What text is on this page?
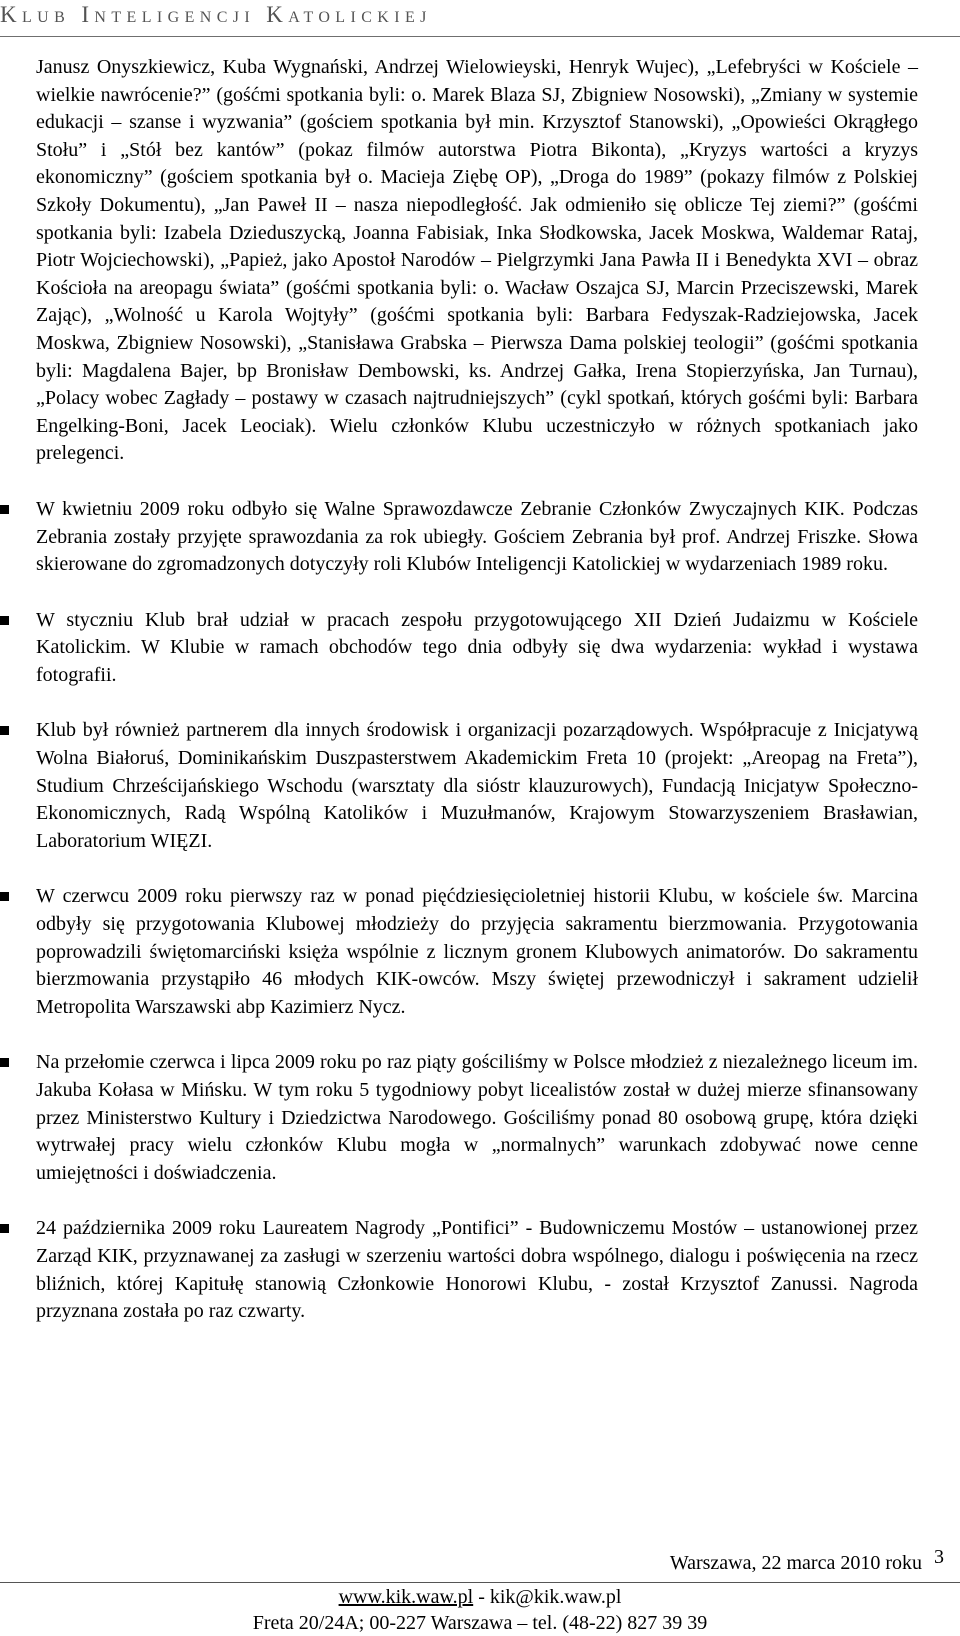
Klub Inteligencji Katolickiej

Janusz Onyszkiewicz, Kuba Wygnański, Andrzej Wielowieyski, Henryk Wujec), „Lefebryści w Kościele – wielkie nawrócenie?” (gośćmi spotkania byli: o. Marek Blaza SJ, Zbigniew Nosowski), „Zmiany w systemie edukacji – szanse i wyzwania” (gościem spotkania był min. Krzysztof Stanowski), „Opowieści Okrągłego Stołu” i „Stół bez kantów” (pokaz filmów autorstwa Piotra Bikonta), „Kryzys wartości a kryzys ekonomiczny” (gościem spotkania był o. Macieja Ziębę OP), „Droga do 1989” (pokazy filmów z Polskiej Szkoły Dokumentu), „Jan Paweł II – nasza niepodległość. Jak odmieniło się oblicze Tej ziemi?” (gośćmi spotkania byli: Izabela Dzieduszycką, Joanna Fabisiak, Inka Słodkowska, Jacek Moskwa, Waldemar Rataj, Piotr Wojciechowski), „Papież, jako Apostoł Narodów – Pielgrzymki Jana Pawła II i Benedykta XVI – obraz Kościoła na areopagu świata” (gośćmi spotkania byli: o. Wacław Oszajca SJ, Marcin Przeciszewski, Marek Zając), „Wolność u Karola Wojtyły” (gośćmi spotkania byli: Barbara Fedyszak-Radziejowska, Jacek Moskwa, Zbigniew Nosowski), „Stanisława Grabska – Pierwsza Dama polskiej teologii” (gośćmi spotkania byli: Magdalena Bajer, bp Bronisław Dembowski, ks. Andrzej Gałka, Irena Stopierzyńska, Jan Turnau), „Polacy wobec Zagłady – postawy w czasach najtrudniejszych” (cykl spotkań, których gośćmi byli: Barbara Engelking-Boni, Jacek Leociak). Wielu członków Klubu uczestniczyło w różnych spotkaniach jako prelegenci.

W kwietniu 2009 roku odbyło się Walne Sprawozdawcze Zebranie Członków Zwyczajnych KIK. Podczas Zebrania zostały przyjęte sprawozdania za rok ubiegły. Gościem Zebrania był prof. Andrzej Friszke. Słowa skierowane do zgromadzonych dotyczyły roli Klubów Inteligencji Katolickiej w wydarzeniach 1989 roku.

W styczniu Klub brał udział w pracach zespołu przygotowującego XII Dzień Judaizmu w Kościele Katolickim. W Klubie w ramach obchodów tego dnia odbyły się dwa wydarzenia: wykład i wystawa fotografii.

Klub był również partnerem dla innych środowisk i organizacji pozarządowych. Współpracuje z Inicjatywą Wolna Białoruś, Dominikańskim Duszpasterstwem Akademickim Freta 10 (projekt: „Areopag na Freta”), Studium Chrześcijańskiego Wschodu (warsztaty dla sióstr klauzurowych), Fundacją Inicjatyw Społeczno-Ekonomicznych, Radą Wspólną Katolików i Muzułmanów, Krajowym Stowarzyszeniem Brasławian, Laboratorium WIĘZI.

W czerwcu 2009 roku pierwszy raz w ponad pięćdziesięcioletniej historii Klubu, w kościele św. Marcina odbyły się przygotowania Klubowej młodzieży do przyjęcia sakramentu bierzmowania. Przygotowania poprowadzili świętomarciński księża wspólnie z licznym gronem Klubowych animatorów. Do sakramentu bierzmowania przystąpiło 46 młodych KIK-owców. Mszy świętej przewodniczył i sakrament udzielił Metropolita Warszawski abp Kazimierz Nycz.

Na przełomie czerwca i lipca 2009 roku po raz piąty gościliśmy w Polsce młodzież z niezależnego liceum im. Jakuba Kołasa w Mińsku. W tym roku 5 tygodniowy pobyt licealistów został w dużej mierze sfinansowany przez Ministerstwo Kultury i Dziedzictwa Narodowego. Gościliśmy ponad 80 osobową grupę, która dzięki wytrwałej pracy wielu członków Klubu mogła w „normalnych” warunkach zdobywać nowe cenne umiejętności i doświadczenia.

24 października 2009 roku Laureatem Nagrody „Pontifici” - Budowniczemu Mostów – ustanowionej przez Zarząd KIK, przyznawanej za zasługi w szerzeniu wartości dobra wspólnego, dialogu i poświęcenia na rzecz bliźnich, której Kapitułę stanowią Członkowie Honorowi Klubu, - został Krzysztof Zanussi. Nagroda przyznana została po raz czwarty.

Warszawa, 22 marca 2010 roku 3
www.kik.waw.pl - kik@kik.waw.pl
Freta 20/24A; 00-227 Warszawa – tel. (48-22) 827 39 39
